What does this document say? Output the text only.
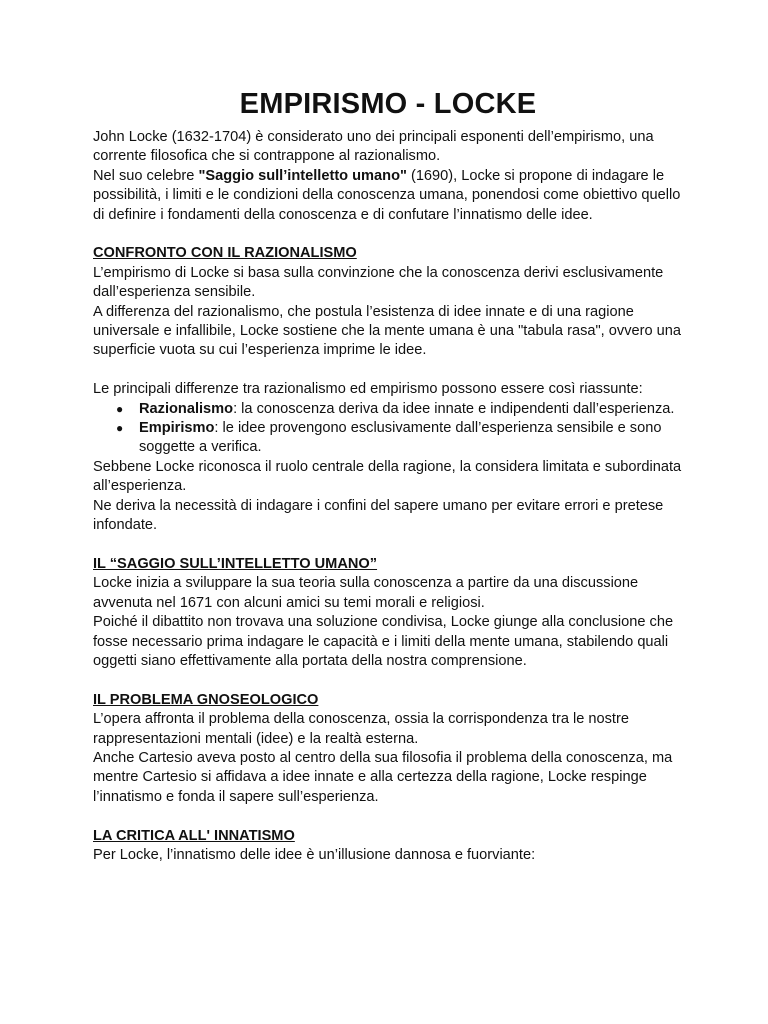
EMPIRISMO - LOCKE

John Locke (1632-1704) è considerato uno dei principali esponenti dell’empirismo, una corrente filosofica che si contrappone al razionalismo.

Nel suo celebre "Saggio sull’intelletto umano" (1690), Locke si propone di indagare le possibilità, i limiti e le condizioni della conoscenza umana, ponendosi come obiettivo quello di definire i fondamenti della conoscenza e di confutare l’innatismo delle idee.

CONFRONTO CON IL RAZIONALISMO

L’empirismo di Locke si basa sulla convinzione che la conoscenza derivi esclusivamente dall’esperienza sensibile.

A differenza del razionalismo, che postula l’esistenza di idee innate e di una ragione universale e infallibile, Locke sostiene che la mente umana è una "tabula rasa", ovvero una superficie vuota su cui l’esperienza imprime le idee.

Le principali differenze tra razionalismo ed empirismo possono essere così riassunte:

● Razionalismo: la conoscenza deriva da idee innate e indipendenti dall’esperienza.
● Empirismo: le idee provengono esclusivamente dall’esperienza sensibile e sono soggette a verifica.

Sebbene Locke riconosca il ruolo centrale della ragione, la considera limitata e subordinata all’esperienza.

Ne deriva la necessità di indagare i confini del sapere umano per evitare errori e pretese infondate.

IL “SAGGIO SULL’INTELLETTO UMANO”

Locke inizia a sviluppare la sua teoria sulla conoscenza a partire da una discussione avvenuta nel 1671 con alcuni amici su temi morali e religiosi.

Poiché il dibattito non trovava una soluzione condivisa, Locke giunge alla conclusione che fosse necessario prima indagare le capacità e i limiti della mente umana, stabilendo quali oggetti siano effettivamente alla portata della nostra comprensione.

IL PROBLEMA GNOSEOLOGICO

L’opera affronta il problema della conoscenza, ossia la corrispondenza tra le nostre rappresentazioni mentali (idee) e la realtà esterna.

Anche Cartesio aveva posto al centro della sua filosofia il problema della conoscenza, ma mentre Cartesio si affidava a idee innate e alla certezza della ragione, Locke respinge l’innatismo e fonda il sapere sull’esperienza.

LA CRITICA ALL' INNATISMO

Per Locke, l’innatismo delle idee è un’illusione dannosa e fuorviante:
